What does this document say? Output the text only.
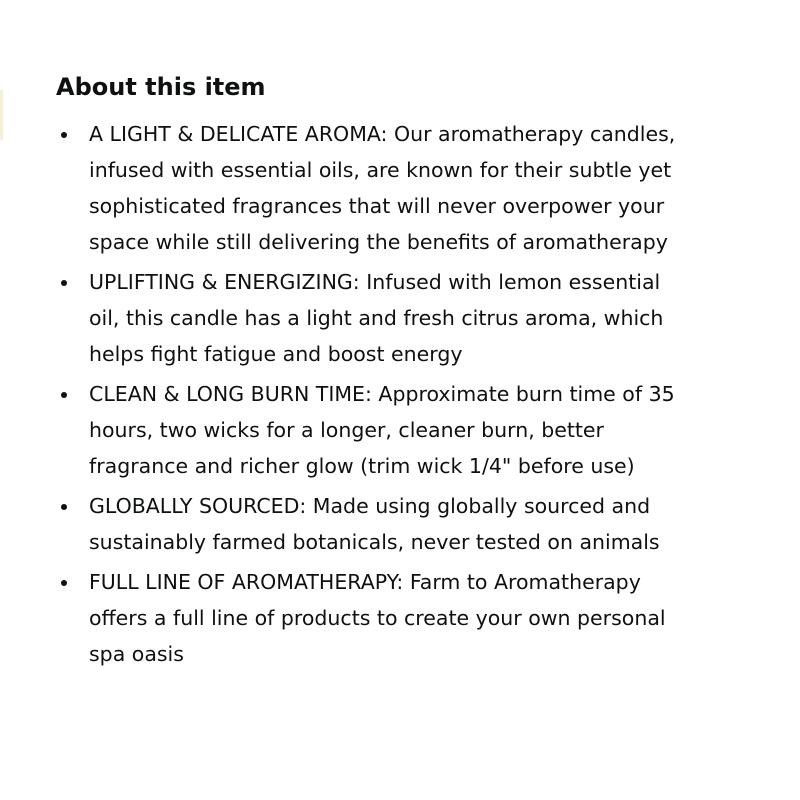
About this item
A LIGHT & DELICATE AROMA: Our aromatherapy candles,
infused with essential oils, are known for their subtle yet
sophisticated fragrances that will never overpower your
space while still delivering the benefits of aromatherapy
UPLIFTING & ENERGIZING: Infused with lemon essential
oil, this candle has a light and fresh citrus aroma, which
helps fight fatigue and boost energy
CLEAN & LONG BURN TIME: Approximate burn time of 35
hours, two wicks for a longer, cleaner burn, better
fragrance and richer glow (trim wick 1/4" before use)
GLOBALLY SOURCED: Made using globally sourced and
sustainably farmed botanicals, never tested on animals
FULL LINE OF AROMATHERAPY: Farm to Aromatherapy
offers a full line of products to create your own personal
spa oasis
